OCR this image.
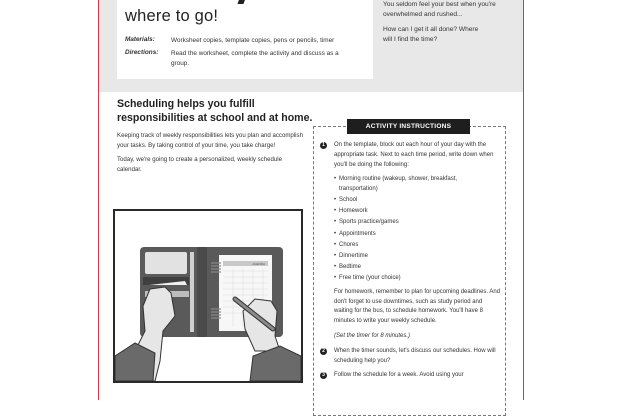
where to go!
Materials:	Worksheet copies, template copies, pens or pencils, timer
Directions:	Read the worksheet, complete the activity and discuss as a group.

You seldom feel your best when you're overwhelmed and rushed...

How can I get it all done? Where will I find the time?

Scheduling helps you fulfill responsibilities at school and at home.

Keeping track of weekly responsibilities lets you plan and accomplish your tasks. By taking control of your time, you take charge!

Today, we're going to create a personalized, weekly schedule calendar.

AGENDA
ACTIVITY INSTRUCTIONS
1	On the template, block out each hour of your day with the appropriate task. Next to each time period, write down when you'll be doing the following:
• Morning routine (wakeup, shower, breakfast, transportation)
• School
• Homework
• Sports practice/games
• Appointments
• Chores
• Dinnertime
• Bedtime
• Free time (your choice)
For homework, remember to plan for upcoming deadlines. And don't forget to use downtimes, such as study period and waiting for the bus, to schedule homework. You'll have 8 minutes to write your weekly schedule.
(Set the timer for 8 minutes.)
2	When the timer sounds, let's discuss our schedules. How will scheduling help you?
3	Follow the schedule for a week. Avoid using your
